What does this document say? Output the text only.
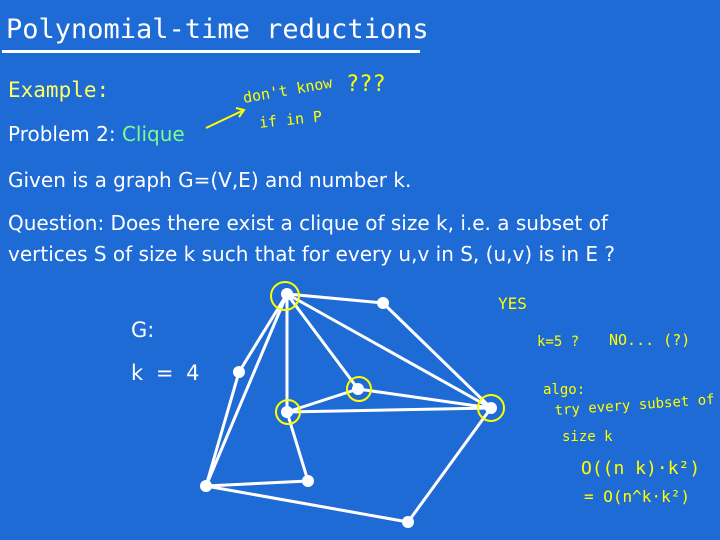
Polynomial-time reductions
Example:
Problem 2: Clique
Given is a graph G=(V,E) and number k.
Question: Does there exist a clique of size k, i.e. a subset of
vertices S of size k such that for every u,v in S, (u,v) is in E ?
G:
k = 4
don't know
if in P
???
YES
k=5 ? NO... (?)
algo:
try every subset of
size k
O((n k)·k²)
= O(n^k·k²)
